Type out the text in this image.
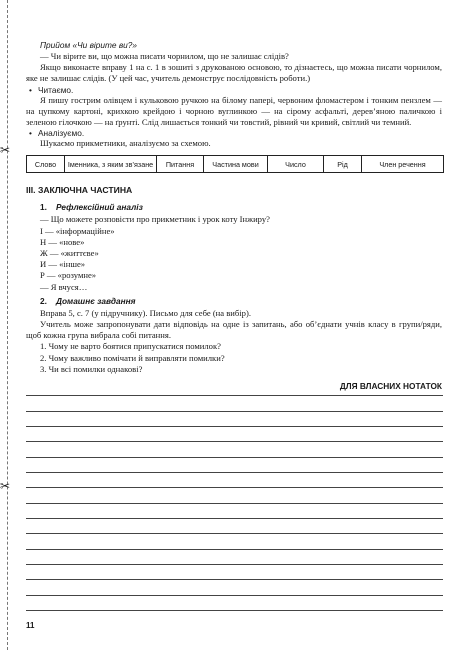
✂
✂
Прийом «Чи вірите ви?»

— Чи вірите ви, що можна писати чорнилом, що не залишає слідів?

Якщо виконаєте вправу 1 на с. 1 в зошиті з друкованою основою, то дізнаєтесь, що можна писати чорнилом, яке не залишає слідів. (У цей час, учитель демонструє послідовність роботи.)

• Читаємо.

Я пишу гострим олівцем і кульковою ручкою на білому папері, червоним фломастером і тонким пензлем — на цупкому картоні, крихкою крейдою і чорною вуглинкою — на сірому асфальті, дерев’яною паличкою і зеленою гілочкою — на ґрунті. Слід лишається тонкий чи товстий, рівний чи кривий, світлий чи темний.

• Аналізуємо.

Шукаємо прикметники, аналізуємо за схемою.

Слово	Іменника, з яким зв’язане	Питання	Частина мови	Число	Рід	Член речення
III. ЗАКЛЮЧНА ЧАСТИНА
1. Рефлексійний аналіз

— Що можете розповісти про прикметник і урок коту Інжиру?

І — «інформаційне»

Н — «нове»

Ж — «життєве»

И — «інше»

Р — «розумне»

— Я вчуся…

2. Домашнє завдання

Вправа 5, с. 7 (у підручнику). Письмо для себе (на вибір).

Учитель може запропонувати дати відповідь на одне із запитань, або об’єднати учнів класу в групи/ряди, щоб кожна група вибрала собі питання.

1. Чому не варто боятися припускатися помилок?

2. Чому важливо помічати й виправляти помилки?

3. Чи всі помилки однакові?

ДЛЯ ВЛАСНИХ НОТАТОК
11
